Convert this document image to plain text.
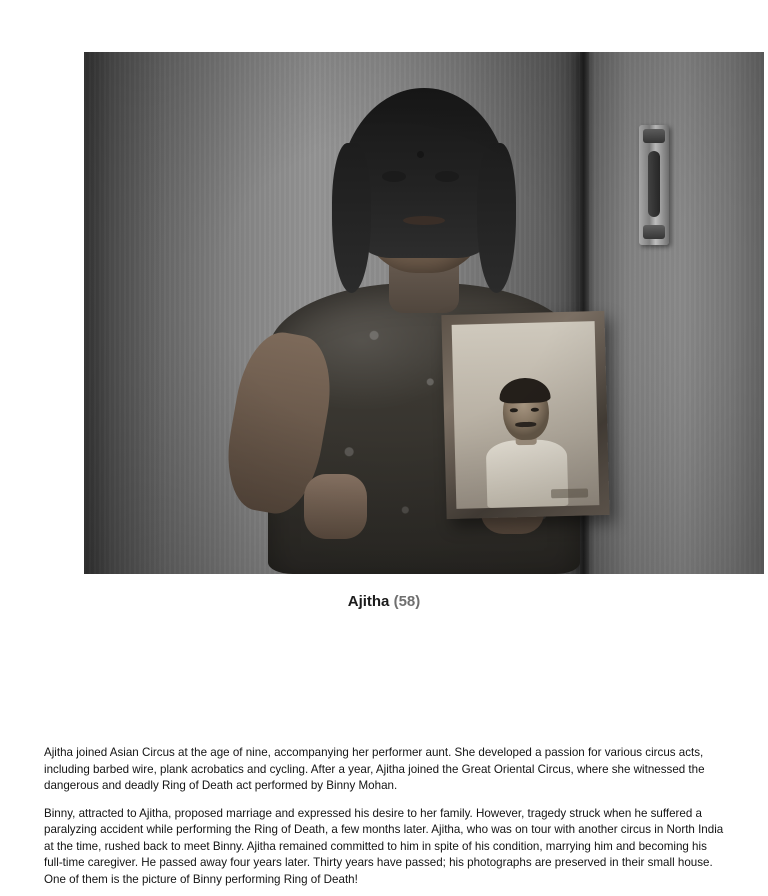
Ajitha (58)

Ajitha joined Asian Circus at the age of nine, accompanying her performer aunt. She developed a passion for various circus acts, including barbed wire, plank acrobatics and cycling. After a year, Ajitha joined the Great Oriental Circus, where she witnessed the dangerous and deadly Ring of Death act performed by Binny Mohan.

Binny, attracted to Ajitha, proposed marriage and expressed his desire to her family. However, tragedy struck when he suffered a paralyzing accident while performing the Ring of Death, a few months later. Ajitha, who was on tour with another circus in North India at the time, rushed back to meet Binny. Ajitha remained committed to him in spite of his condition, marrying him and becoming his full-time caregiver. He passed away four years later. Thirty years have passed; his photographs are preserved in their small house. One of them is the picture of Binny performing Ring of Death!
